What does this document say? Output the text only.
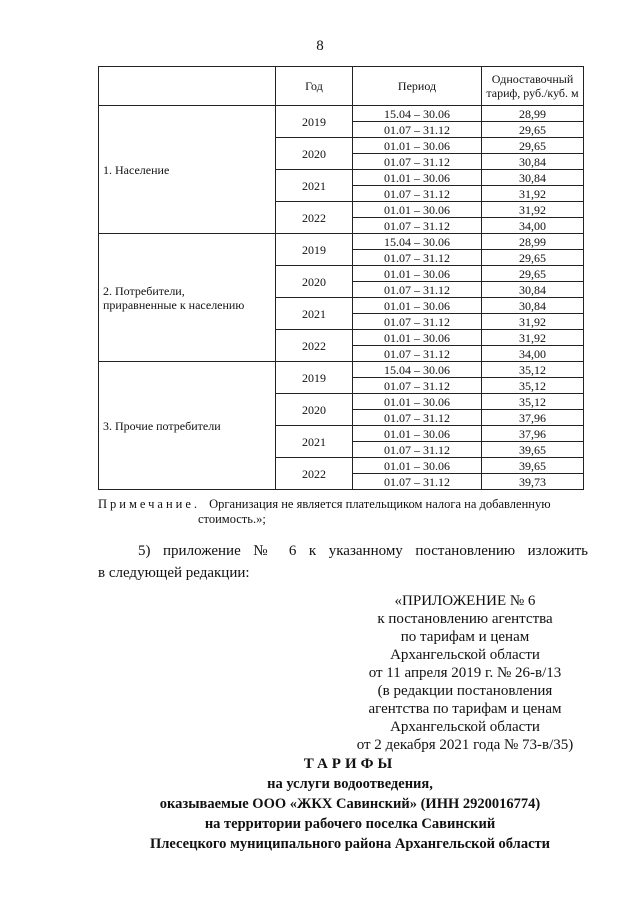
8
	Год	Период	Одноставочный
тариф, руб./куб. м
1. Население	2019	15.04 – 30.06	28,99
		01.07 – 31.12	29,65
	2020	01.01 – 30.06	29,65
		01.07 – 31.12	30,84
	2021	01.01 – 30.06	30,84
		01.07 – 31.12	31,92
	2022	01.01 – 30.06	31,92
		01.07 – 31.12	34,00
2. Потребители,
приравненные к населению	2019	15.04 – 30.06	28,99
		01.07 – 31.12	29,65
	2020	01.01 – 30.06	29,65
		01.07 – 31.12	30,84
	2021	01.01 – 30.06	30,84
		01.07 – 31.12	31,92
	2022	01.01 – 30.06	31,92
		01.07 – 31.12	34,00
3. Прочие потребители	2019	15.04 – 30.06	35,12
		01.07 – 31.12	35,12
	2020	01.01 – 30.06	35,12
		01.07 – 31.12	37,96
	2021	01.01 – 30.06	37,96
		01.07 – 31.12	39,65
	2022	01.01 – 30.06	39,65
		01.07 – 31.12	39,73
Примечание. Организация не является плательщиком налога на добавленную
стоимость.»;
5) приложение № 6 к указанному постановлению изложить
в следующей редакции:
«ПРИЛОЖЕНИЕ № 6
к постановлению агентства
по тарифам и ценам
Архангельской области
от 11 апреля 2019 г. № 26-в/13
(в редакции постановления
агентства по тарифам и ценам
Архангельской области
от 2 декабря 2021 года № 73-в/35)
ТАРИФЫ
на услуги водоотведения,
оказываемые ООО «ЖКХ Савинский» (ИНН 2920016774)
на территории рабочего поселка Савинский
Плесецкого муниципального района Архангельской области
